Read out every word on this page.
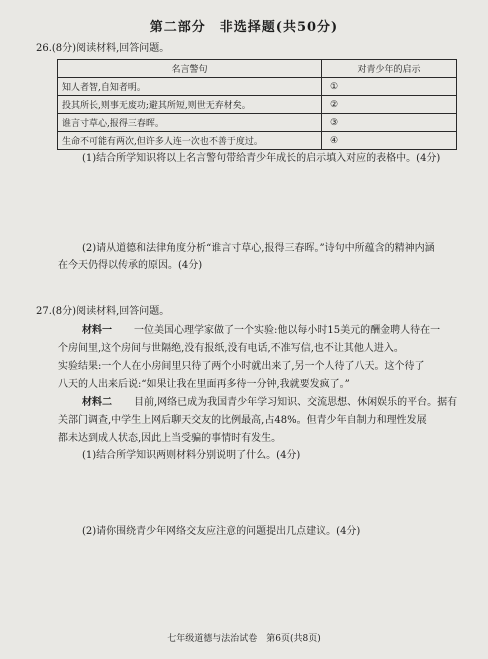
第二部分　非选择题(共50分)
26.(8分)阅读材料,回答问题。
名言警句	对青少年的启示
知人者智,自知者明。	①
投其所长,则事无废功;避其所短,则世无弃材矣。	②
谁言寸草心,报得三春晖。	③
生命不可能有两次,但许多人连一次也不善于度过。	④
(1)结合所学知识将以上名言警句带给青少年成长的启示填入对应的表格中。(4分)
(2)请从道德和法律角度分析“谁言寸草心,报得三春晖。”诗句中所蕴含的精神内涵
在今天仍得以传承的原因。(4分)
27.(8分)阅读材料,回答问题。
材料一 一位美国心理学家做了一个实验:他以每小时15美元的酬金聘人待在一
个房间里,这个房间与世隔绝,没有报纸,没有电话,不准写信,也不让其他人进入。
实验结果:一个人在小房间里只待了两个小时就出来了,另一个人待了八天。这个待了
八天的人出来后说:“如果让我在里面再多待一分钟,我就要发疯了。”
材料二 目前,网络已成为我国青少年学习知识、交流思想、休闲娱乐的平台。据有
关部门调查,中学生上网后聊天交友的比例最高,占48%。但青少年自制力和理性发展
都未达到成人状态,因此上当受骗的事情时有发生。
(1)结合所学知识两则材料分别说明了什么。(4分)
(2)请你围绕青少年网络交友应注意的问题提出几点建议。(4分)
七年级道德与法治试卷　第6页(共8页)
